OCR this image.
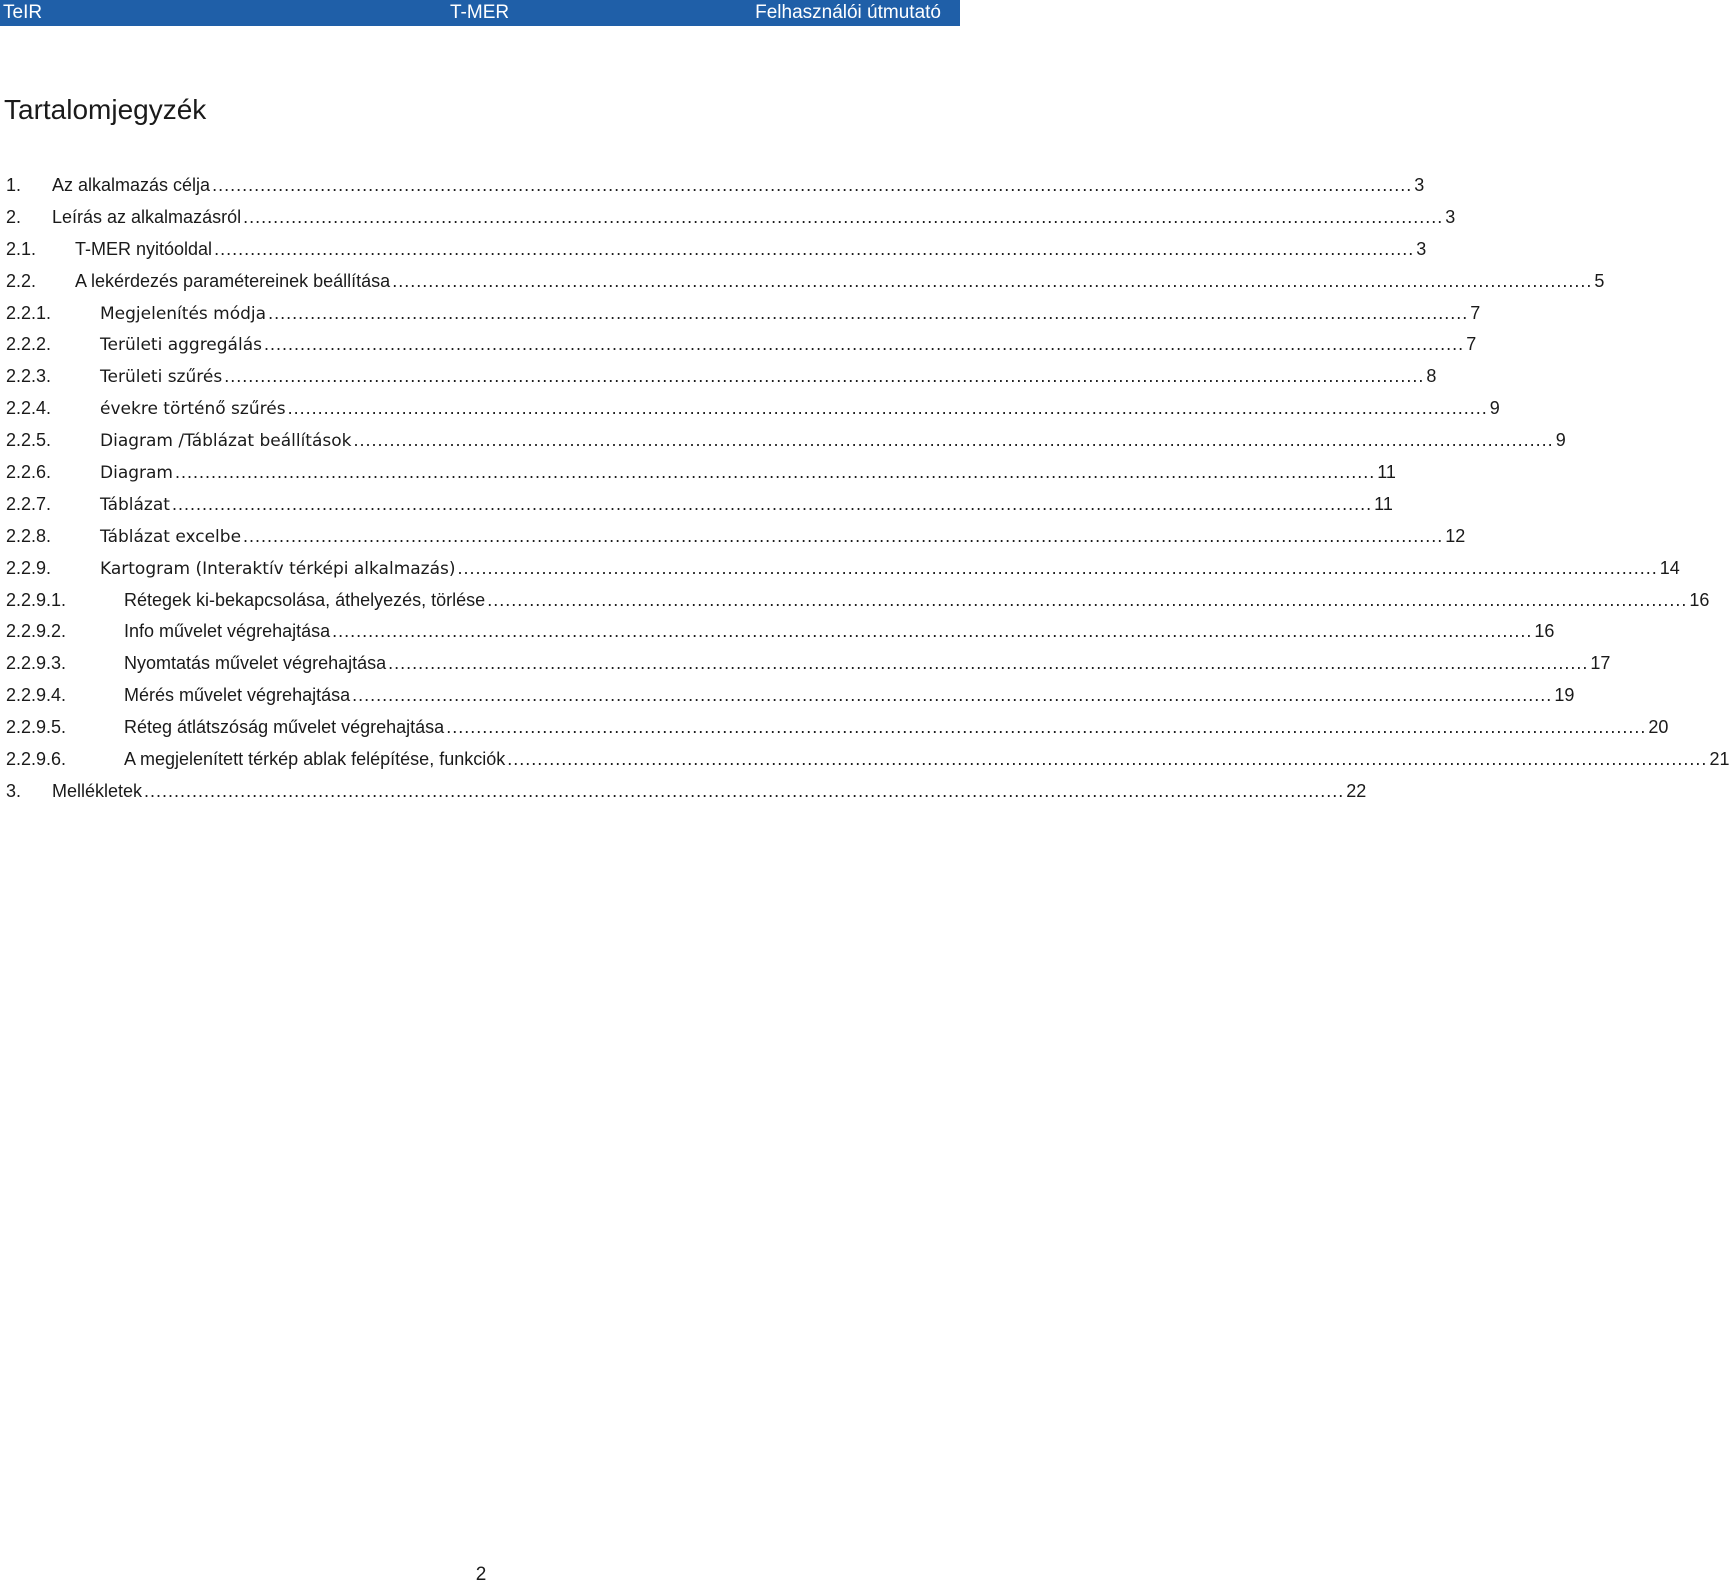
TeIR	T-MER	Felhasználói útmutató
Tartalomjegyzék
1. Az alkalmazás célja ........................................................................................................................................................................................................ 3
2. Leírás az alkalmazásról ........................................................................................................................................................................................................ 3
2.1. T-MER nyitóoldal ........................................................................................................................................................................................................ 3
2.2. A lekérdezés paramétereinek beállítása ........................................................................................................................................................................................................ 5
2.2.1.	Megjelenítés módja ........................................................................................................................................................................................................ 7
2.2.2.	Területi aggregálás ........................................................................................................................................................................................................ 7
2.2.3.	Területi szűrés ........................................................................................................................................................................................................ 8
2.2.4.	évekre történő szűrés ........................................................................................................................................................................................................ 9
2.2.5.	Diagram /Táblázat beállítások ........................................................................................................................................................................................................ 9
2.2.6.	Diagram ........................................................................................................................................................................................................ 11
2.2.7.	Táblázat ........................................................................................................................................................................................................ 11
2.2.8.	Táblázat excelbe ........................................................................................................................................................................................................ 12
2.2.9.	Kartogram (Interaktív térképi alkalmazás) ........................................................................................................................................................................................................ 14
2.2.9.1.	Rétegek ki-bekapcsolása, áthelyezés, törlése ........................................................................................................................................................................................................ 16
2.2.9.2.	Info művelet végrehajtása ........................................................................................................................................................................................................ 16
2.2.9.3.	Nyomtatás művelet végrehajtása ........................................................................................................................................................................................................ 17
2.2.9.4.	Mérés művelet végrehajtása ........................................................................................................................................................................................................ 19
2.2.9.5.	Réteg átlátszóság művelet végrehajtása ........................................................................................................................................................................................................ 20
2.2.9.6.	A megjelenített térkép ablak felépítése, funkciók ........................................................................................................................................................................................................ 21
3. Mellékletek ........................................................................................................................................................................................................ 22
2
